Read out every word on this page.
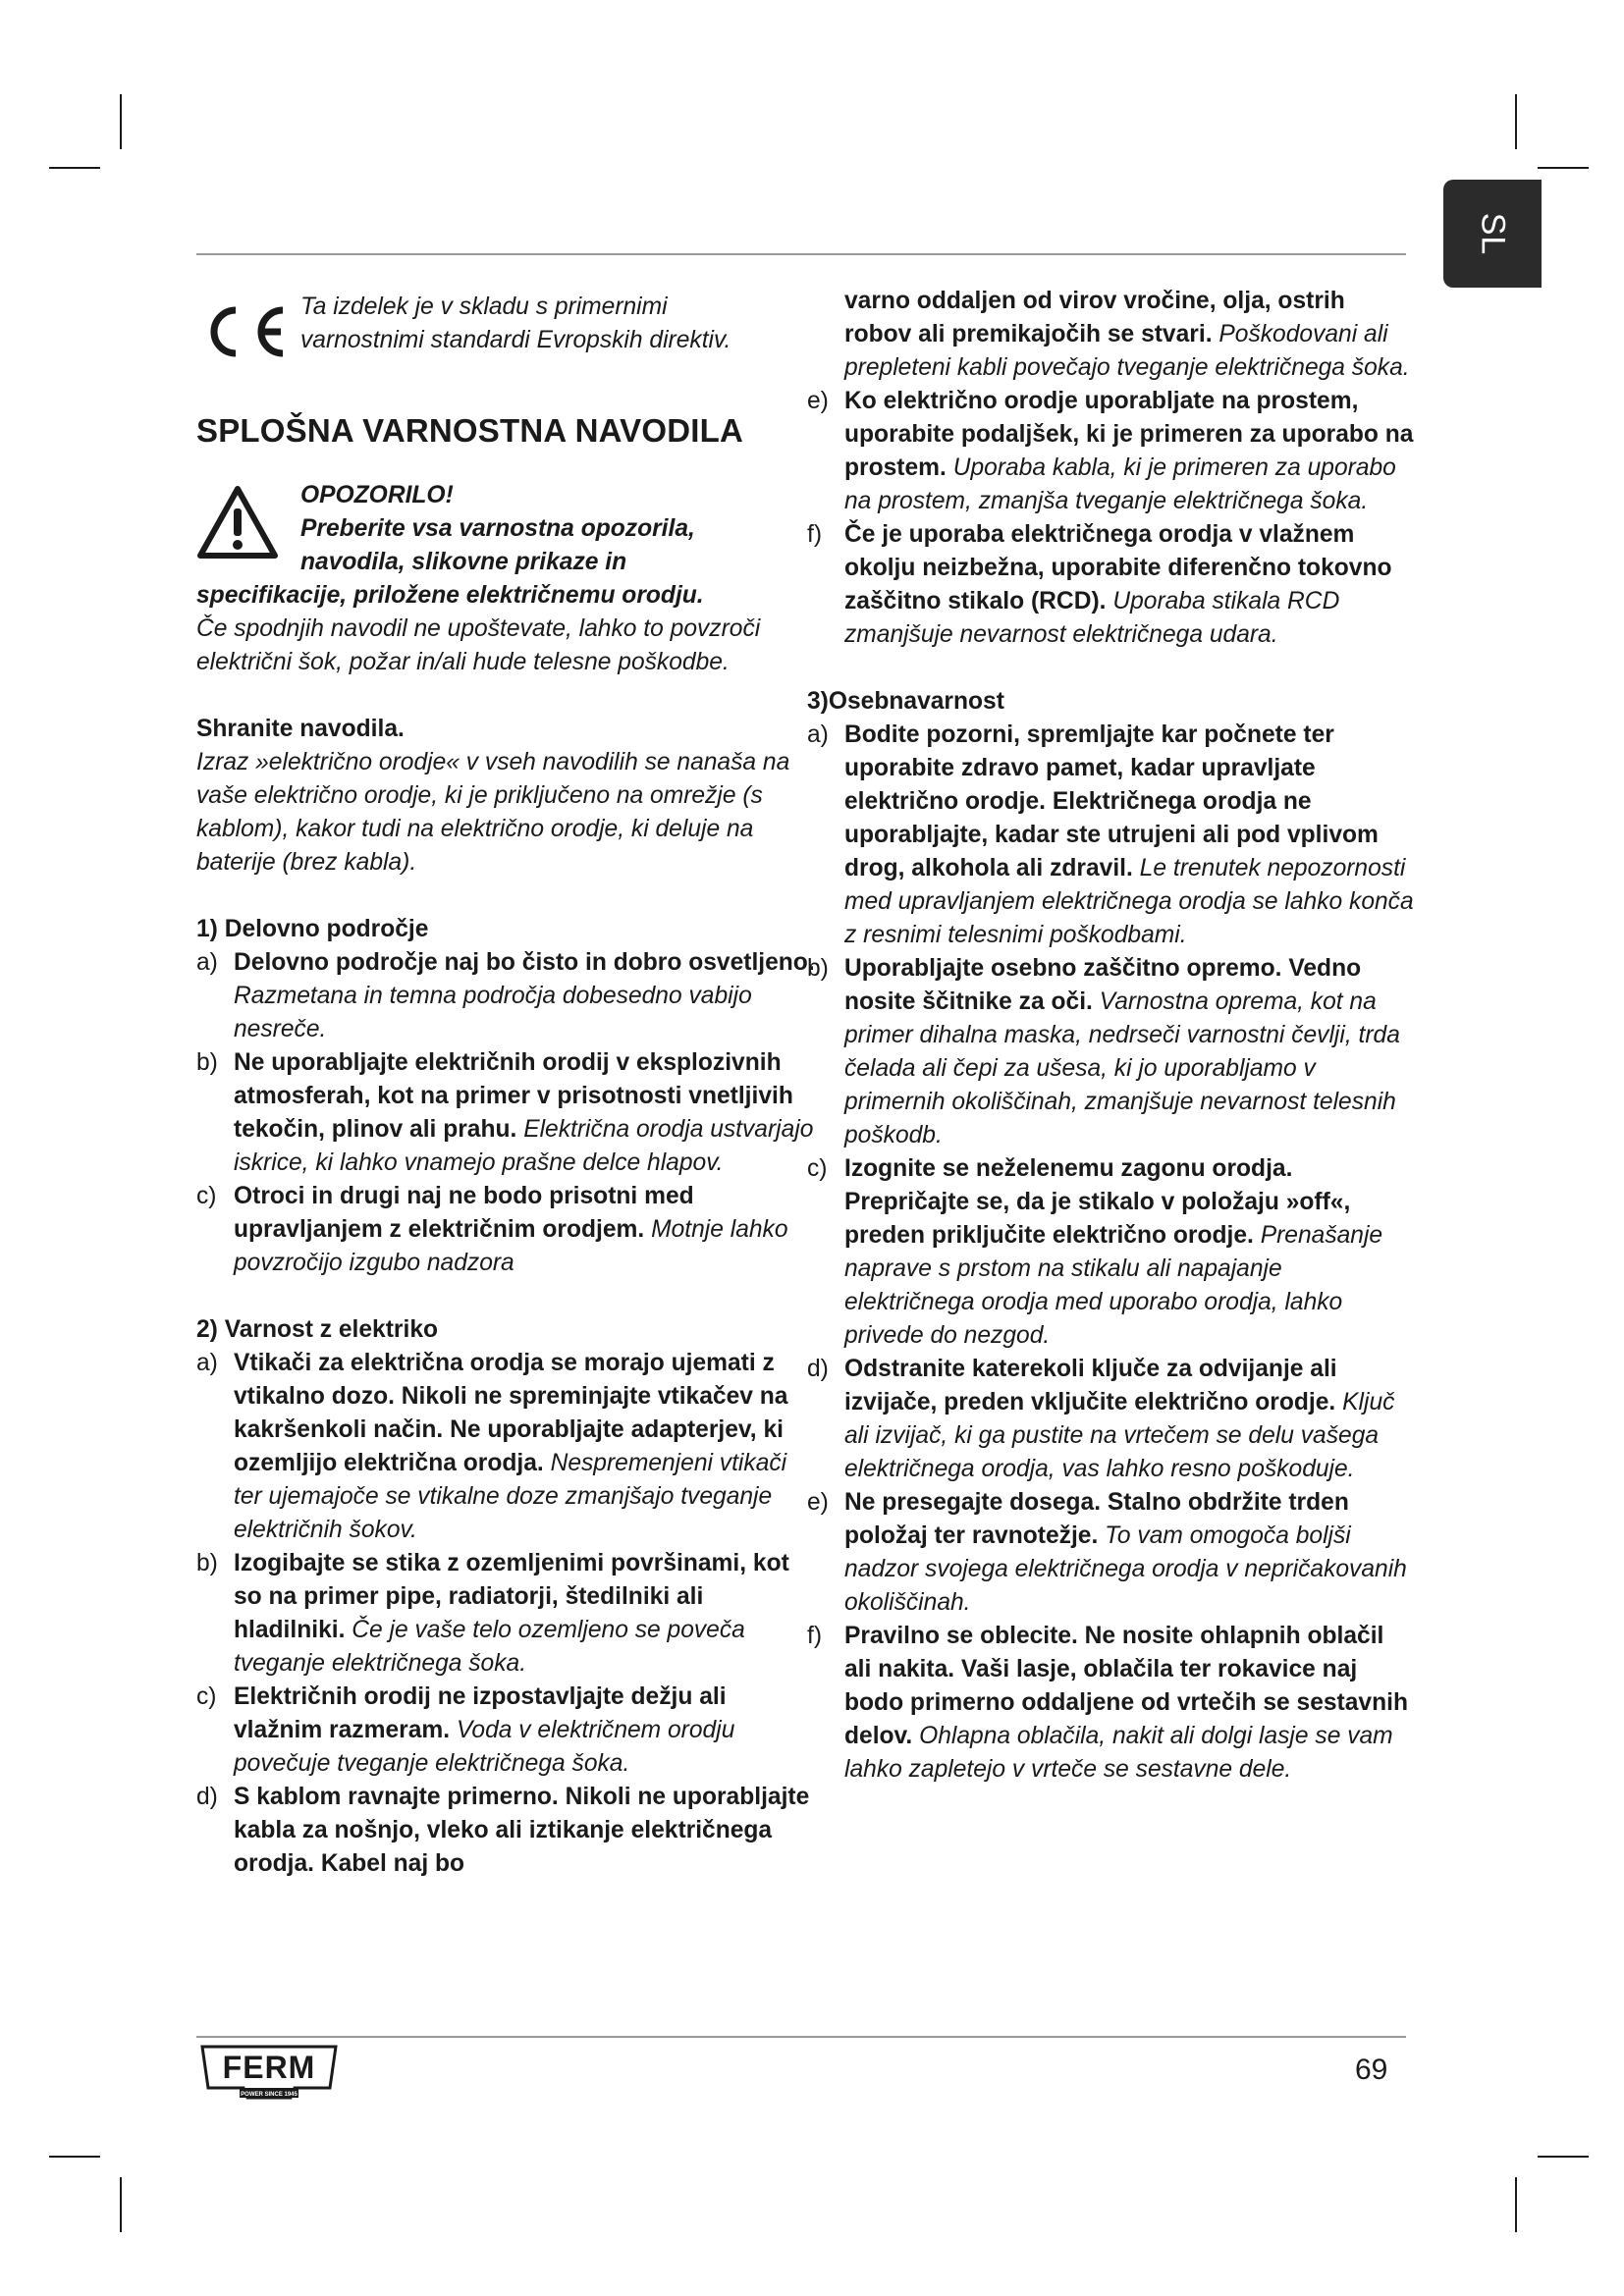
SL

Ta izdelek je v skladu s primernimi varnostnimi standardi Evropskih direktiv.

SPLOŠNA VARNOSTNA NAVODILA

OPOZORILO!

Preberite vsa varnostna opozorila,

navodila, slikovne prikaze in

specifikacije, priložene električnemu orodju.

Če spodnjih navodil ne upoštevate, lahko to povzroči električni šok, požar in/ali hude telesne poškodbe.

Shranite navodila.

Izraz »električno orodje« v vseh navodilih se nanaša na vaše električno orodje, ki je priključeno na omrežje (s kablom), kakor tudi na električno orodje, ki deluje na baterije (brez kabla).

1) Delovno področje

a) Delovno področje naj bo čisto in dobro osvetljeno. Razmetana in temna področja dobesedno vabijo nesreče.

b) Ne uporabljajte električnih orodij v eksplozivnih atmosferah, kot na primer v prisotnosti vnetljivih tekočin, plinov ali prahu. Električna orodja ustvarjajo iskrice, ki lahko vnamejo prašne delce hlapov.

c) Otroci in drugi naj ne bodo prisotni med upravljanjem z električnim orodjem. Motnje lahko povzročijo izgubo nadzora

2) Varnost z elektriko

a) Vtikači za električna orodja se morajo ujemati z vtikalno dozo. Nikoli ne spreminjajte vtikačev na kakršenkoli način. Ne uporabljajte adapterjev, ki ozemljijo električna orodja. Nespremenjeni vtikači ter ujemajoče se vtikalne doze zmanjšajo tveganje električnih šokov.

b) Izogibajte se stika z ozemljenimi površinami, kot so na primer pipe, radiatorji, štedilniki ali hladilniki. Če je vaše telo ozemljeno se poveča tveganje električnega šoka.

c) Električnih orodij ne izpostavljajte dežju ali vlažnim razmeram. Voda v električnem orodju povečuje tveganje električnega šoka.

d) S kablom ravnajte primerno. Nikoli ne uporabljajte kabla za nošnjo, vleko ali iztikanje električnega orodja. Kabel naj bo

varno oddaljen od virov vročine, olja, ostrih robov ali premikajočih se stvari. Poškodovani ali prepleteni kabli povečajo tveganje električnega šoka.

e) Ko električno orodje uporabljate na prostem, uporabite podaljšek, ki je primeren za uporabo na prostem. Uporaba kabla, ki je primeren za uporabo na prostem, zmanjša tveganje električnega šoka.

f) Če je uporaba električnega orodja v vlažnem okolju neizbežna, uporabite diferenčno tokovno zaščitno stikalo (RCD). Uporaba stikala RCD zmanjšuje nevarnost električnega udara.

3)Osebnavarnost

a) Bodite pozorni, spremljajte kar počnete ter uporabite zdravo pamet, kadar upravljate električno orodje. Električnega orodja ne uporabljajte, kadar ste utrujeni ali pod vplivom drog, alkohola ali zdravil. Le trenutek nepozornosti med upravljanjem električnega orodja se lahko konča z resnimi telesnimi poškodbami.

b) Uporabljajte osebno zaščitno opremo. Vedno nosite ščitnike za oči. Varnostna oprema, kot na primer dihalna maska, nedrseči varnostni čevlji, trda čelada ali čepi za ušesa, ki jo uporabljamo v primernih okoliščinah, zmanjšuje nevarnost telesnih poškodb.

c) Izognite se neželenemu zagonu orodja. Prepričajte se, da je stikalo v položaju »off«, preden priključite električno orodje. Prenašanje naprave s prstom na stikalu ali napajanje električnega orodja med uporabo orodja, lahko privede do nezgod.

d) Odstranite katerekoli ključe za odvijanje ali izvijače, preden vključite električno orodje. Ključ ali izvijač, ki ga pustite na vrtečem se delu vašega električnega orodja, vas lahko resno poškoduje.

e) Ne presegajte dosega. Stalno obdržite trden položaj ter ravnotežje. To vam omogoča boljši nadzor svojega električnega orodja v nepričakovanih okoliščinah.

f) Pravilno se oblecite. Ne nosite ohlapnih oblačil ali nakita. Vaši lasje, oblačila ter rokavice naj bodo primerno oddaljene od vrtečih se sestavnih delov. Ohlapna oblačila, nakit ali dolgi lasje se vam lahko zapletejo v vrteče se sestavne dele.

FERM
POWER SINCE 1945
69
